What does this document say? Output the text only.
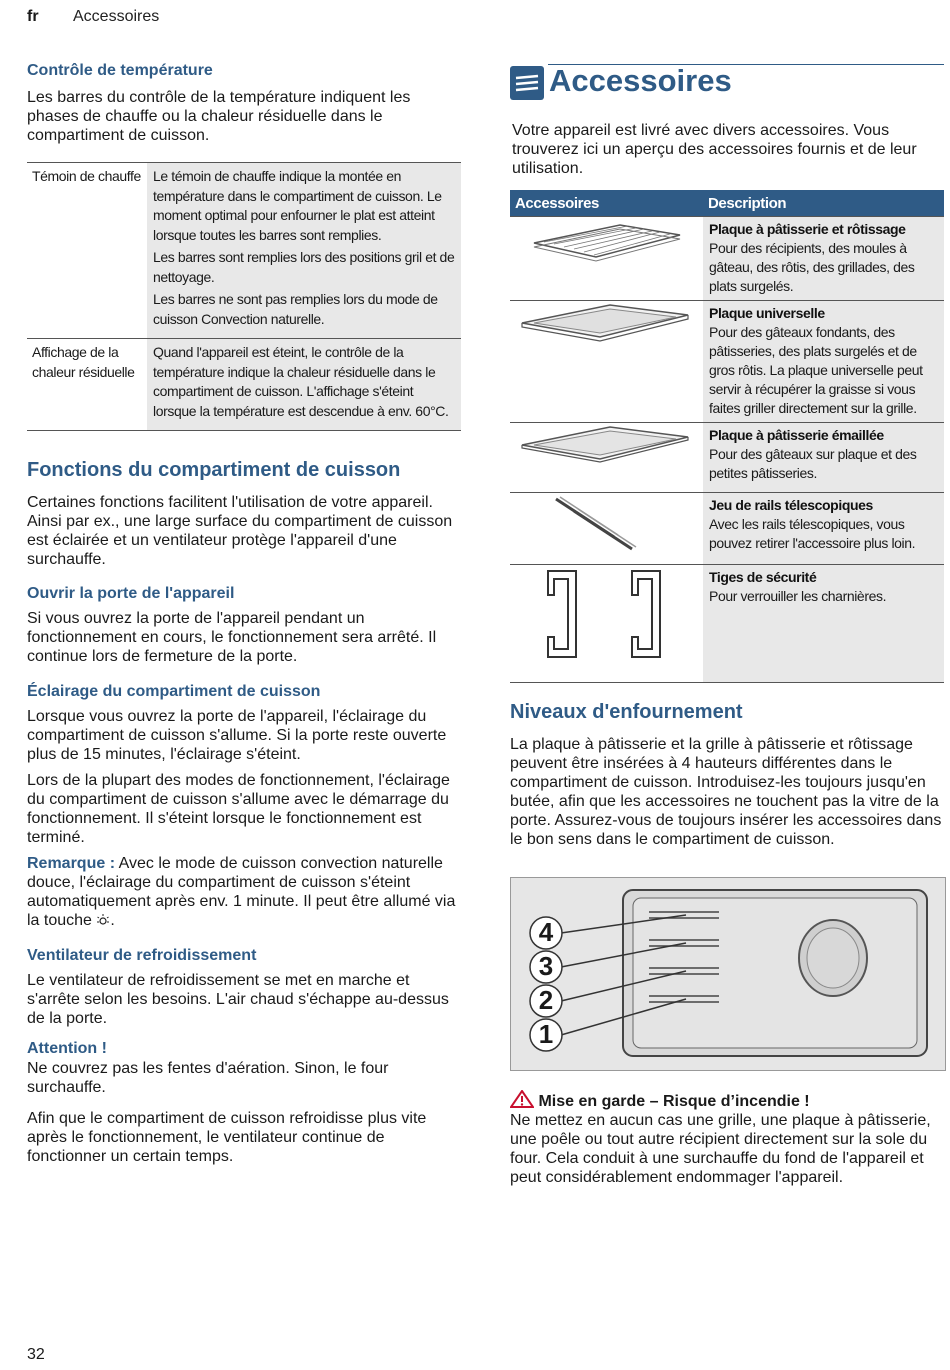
fr Accessoires
Contrôle de température

Les barres du contrôle de la température indiquent les phases de chauffe ou la chaleur résiduelle dans le compartiment de cuisson.

Témoin de chauffe	Le témoin de chauffe indique la montée en température dans le compartiment de cuisson. Le moment optimal pour enfourner le plat est atteint lorsque toutes les barres sont remplies.

Les barres sont remplies lors des positions gril et de nettoyage.

Les barres ne sont pas remplies lors du mode de cuisson Convection naturelle.

Affichage de la chaleur résiduelle	Quand l'appareil est éteint, le contrôle de la température indique la chaleur résiduelle dans le compartiment de cuisson. L'affichage s'éteint lorsque la température est descendue à env. 60°C.

Fonctions du compartiment de cuisson

Certaines fonctions facilitent l'utilisation de votre appareil. Ainsi par ex., une large surface du compartiment de cuisson est éclairée et un ventilateur protège l'appareil d'une surchauffe.

Ouvrir la porte de l'appareil

Si vous ouvrez la porte de l'appareil pendant un fonctionnement en cours, le fonctionnement sera arrêté. Il continue lors de fermeture de la porte.

Éclairage du compartiment de cuisson

Lorsque vous ouvrez la porte de l'appareil, l'éclairage du compartiment de cuisson s'allume. Si la porte reste ouverte plus de 15 minutes, l'éclairage s'éteint.

Lors de la plupart des modes de fonctionnement, l'éclairage du compartiment de cuisson s'allume avec le démarrage du fonctionnement. Il s'éteint lorsque le fonctionnement est terminé.

Remarque : Avec le mode de cuisson convection naturelle douce, l'éclairage du compartiment de cuisson s'éteint automatiquement après env. 1 minute. Il peut être allumé via la touche .

Ventilateur de refroidissement

Le ventilateur de refroidissement se met en marche et s'arrête selon les besoins. L'air chaud s'échappe au-dessus de la porte.

Attention !

Ne couvrez pas les fentes d'aération. Sinon, le four surchauffe.

Afin que le compartiment de cuisson refroidisse plus vite après le fonctionnement, le ventilateur continue de fonctionner un certain temps.

Accessoires

Votre appareil est livré avec divers accessoires. Vous trouverez ici un aperçu des accessoires fournis et de leur utilisation.

Accessoires	Description

Plaque à pâtisserie et rôtissage
Pour des récipients, des moules à gâteau, des rôtis, des grillades, des plats surgelés.

Plaque universelle
Pour des gâteaux fondants, des pâtisseries, des plats surgelés et de gros rôtis. La plaque universelle peut servir à récupérer la graisse si vous faites griller directement sur la grille.

Plaque à pâtisserie émaillée
Pour des gâteaux sur plaque et des petites pâtisseries.

Jeu de rails télescopiques
Avec les rails télescopiques, vous pouvez retirer l'accessoire plus loin.

Tiges de sécurité
Pour verrouiller les charnières.
Niveaux d'enfournement

La plaque à pâtisserie et la grille à pâtisserie et rôtissage peuvent être insérées à 4 hauteurs différentes dans le compartiment de cuisson. Introduisez-les toujours jusqu'en butée, afin que les accessoires ne touchent pas la vitre de la porte. Assurez-vous de toujours insérer les accessoires dans le bon sens dans le compartiment de cuisson.

4
3
2
1

Mise en garde – Risque d’incendie !

Ne mettez en aucun cas une grille, une plaque à pâtisserie, une poêle ou tout autre récipient directement sur la sole du four. Cela conduit à une surchauffe du fond de l'appareil et peut considérablement endommager l'appareil.

32
